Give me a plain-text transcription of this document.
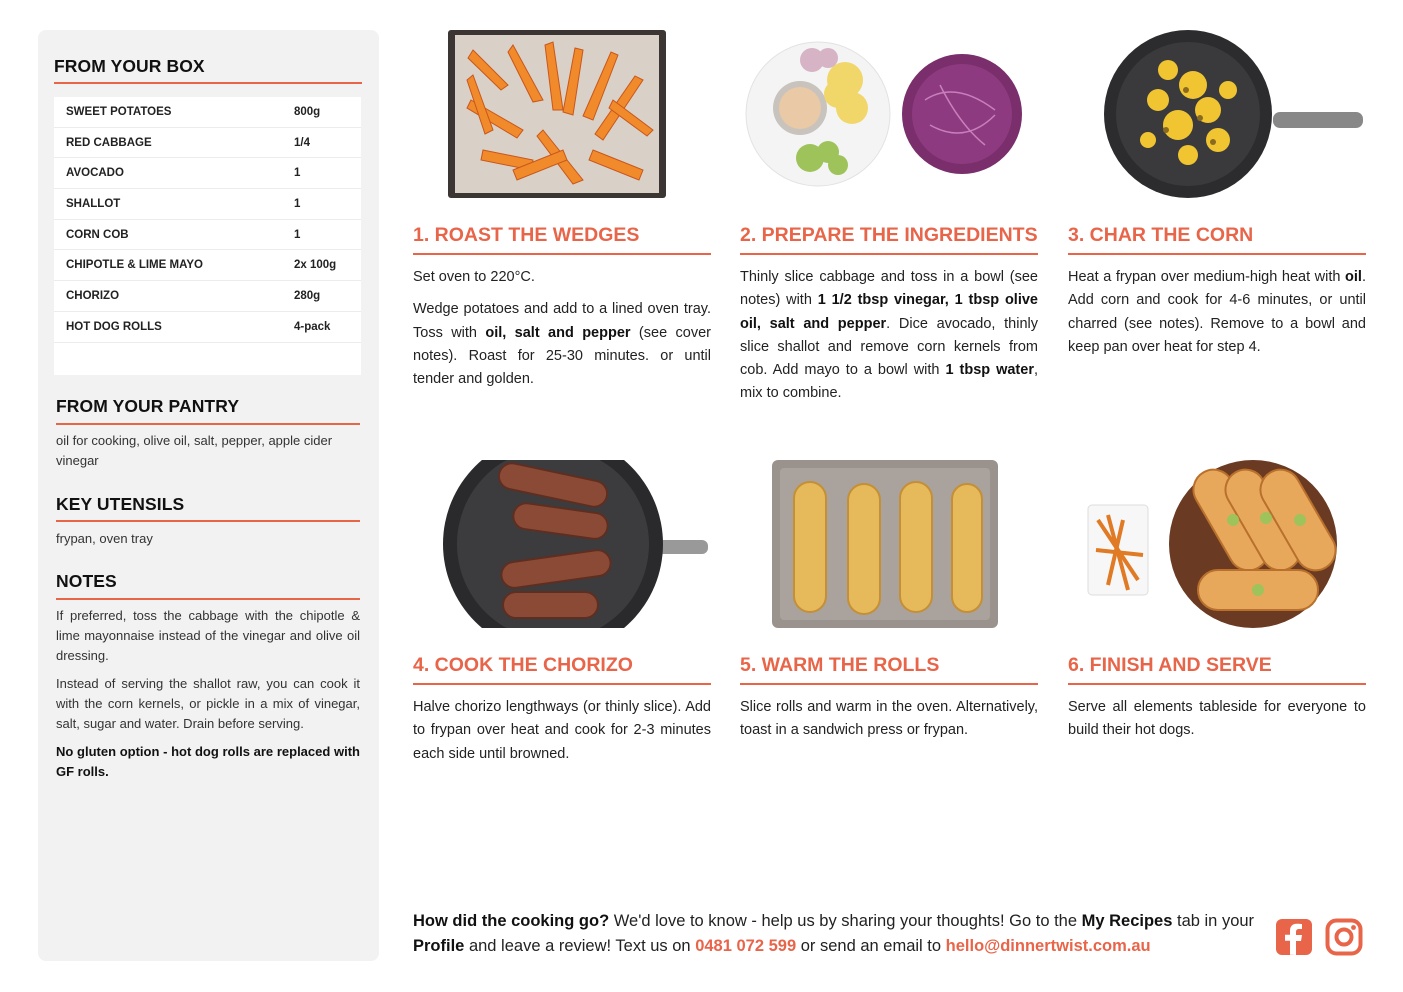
FROM YOUR BOX
SWEET POTATOES	800g
RED CABBAGE	1/4
AVOCADO	1
SHALLOT	1
CORN COB	1
CHIPOTLE & LIME MAYO	2x 100g
CHORIZO	280g
HOT DOG ROLLS	4-pack
FROM YOUR PANTRY
oil for cooking, olive oil, salt, pepper, apple cider vinegar
KEY UTENSILS
frypan, oven tray
NOTES

If preferred, toss the cabbage with the chipotle & lime mayonnaise instead of the vinegar and olive oil dressing.

Instead of serving the shallot raw, you can cook it with the corn kernels, or pickle in a mix of vinegar, salt, sugar and water. Drain before serving.

No gluten option - hot dog rolls are replaced with GF rolls.

1. ROAST THE WEDGES

Set oven to 220°C.

Wedge potatoes and add to a lined oven tray. Toss with oil, salt and pepper (see cover notes). Roast for 25-30 minutes. or until tender and golden.

2. PREPARE THE INGREDIENTS

Thinly slice cabbage and toss in a bowl (see notes) with 1 1/2 tbsp vinegar, 1 tbsp olive oil, salt and pepper. Dice avocado, thinly slice shallot and remove corn kernels from cob. Add mayo to a bowl with 1 tbsp water, mix to combine.

3. CHAR THE CORN

Heat a frypan over medium-high heat with oil. Add corn and cook for 4-6 minutes, or until charred (see notes). Remove to a bowl and keep pan over heat for step 4.

4. COOK THE CHORIZO
Halve chorizo lengthways (or thinly slice). Add to frypan over heat and cook for 2-3 minutes each side until browned.
5. WARM THE ROLLS
Slice rolls and warm in the oven. Alternatively, toast in a sandwich press or frypan.
6. FINISH AND SERVE
Serve all elements tableside for everyone to build their hot dogs.
How did the cooking go? We'd love to know - help us by sharing your thoughts! Go to the My Recipes tab in your Profile and leave a review! Text us on 0481 072 599 or send an email to hello@dinnertwist.com.au
